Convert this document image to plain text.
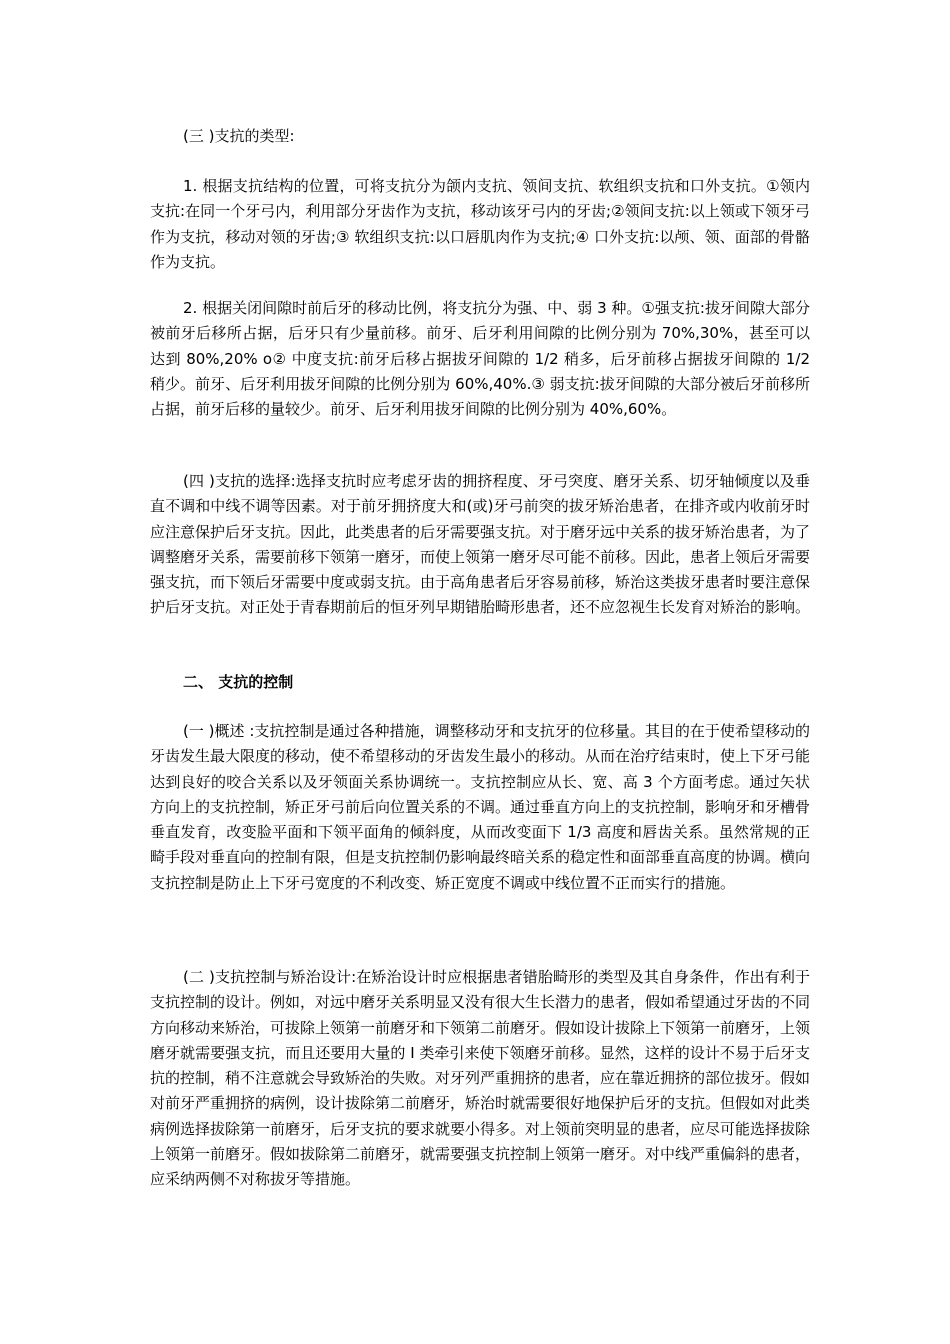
(三 )支抗的类型:

1. 根据支抗结构的位置，可将支抗分为颌内支抗、领间支抗、软组织支抗和口外支抗。①领内支抗:在同一个牙弓内，利用部分牙齿作为支抗，移动该牙弓内的牙齿;②领间支抗:以上领或下领牙弓作为支抗，移动对领的牙齿;③ 软组织支抗:以口唇肌肉作为支抗;④ 口外支抗:以颅、领、面部的骨骼作为支抗。

2. 根据关闭间隙时前后牙的移动比例，将支抗分为强、中、弱 3 种。①强支抗:拔牙间隙大部分被前牙后移所占据，后牙只有少量前移。前牙、后牙利用间隙的比例分别为 70%,30%，甚至可以达到 80%,20% o② 中度支抗:前牙后移占据拔牙间隙的 1/2 稍多，后牙前移占据拔牙间隙的 1/2 稍少。前牙、后牙利用拔牙间隙的比例分别为 60%,40%.③ 弱支抗:拔牙间隙的大部分被后牙前移所占据，前牙后移的量较少。前牙、后牙利用拔牙间隙的比例分别为 40%,60%。

(四 )支抗的选择:选择支抗时应考虑牙齿的拥挤程度、牙弓突度、磨牙关系、切牙轴倾度以及垂直不调和中线不调等因素。对于前牙拥挤度大和(或)牙弓前突的拔牙矫治患者，在排齐或内收前牙时应注意保护后牙支抗。因此，此类患者的后牙需要强支抗。对于磨牙远中关系的拔牙矫治患者，为了调整磨牙关系，需要前移下领第一磨牙，而使上领第一磨牙尽可能不前移。因此，患者上领后牙需要强支抗，而下领后牙需要中度或弱支抗。由于高角患者后牙容易前移，矫治这类拔牙患者时要注意保护后牙支抗。对正处于青春期前后的恒牙列早期错胎畸形患者，还不应忽视生长发育对矫治的影响。

二、 支抗的控制

(一 )概述 :支抗控制是通过各种措施，调整移动牙和支抗牙的位移量。其目的在于使希望移动的牙齿发生最大限度的移动，使不希望移动的牙齿发生最小的移动。从而在治疗结束时，使上下牙弓能达到良好的咬合关系以及牙领面关系协调统一。支抗控制应从长、宽、高 3 个方面考虑。通过矢状方向上的支抗控制，矫正牙弓前后向位置关系的不调。通过垂直方向上的支抗控制，影响牙和牙槽骨垂直发育，改变脸平面和下领平面角的倾斜度，从而改变面下 1/3 高度和唇齿关系。虽然常规的正畸手段对垂直向的控制有限，但是支抗控制仍影响最终暗关系的稳定性和面部垂直高度的协调。横向支抗控制是防止上下牙弓宽度的不利改变、矫正宽度不调或中线位置不正而实行的措施。

(二 )支抗控制与矫治设计:在矫治设计时应根据患者错胎畸形的类型及其自身条件，作出有利于支抗控制的设计。例如，对远中磨牙关系明显又没有很大生长潜力的患者，假如希望通过牙齿的不同方向移动来矫治，可拔除上领第一前磨牙和下领第二前磨牙。假如设计拔除上下领第一前磨牙，上领磨牙就需要强支抗，而且还要用大量的 I 类牵引来使下领磨牙前移。显然，这样的设计不易于后牙支抗的控制，稍不注意就会导致矫治的失败。对牙列严重拥挤的患者，应在靠近拥挤的部位拔牙。假如对前牙严重拥挤的病例，设计拔除第二前磨牙，矫治时就需要很好地保护后牙的支抗。但假如对此类病例选择拔除第一前磨牙，后牙支抗的要求就要小得多。对上领前突明显的患者，应尽可能选择拔除上领第一前磨牙。假如拔除第二前磨牙，就需要强支抗控制上领第一磨牙。对中线严重偏斜的患者，应采纳两侧不对称拔牙等措施。
